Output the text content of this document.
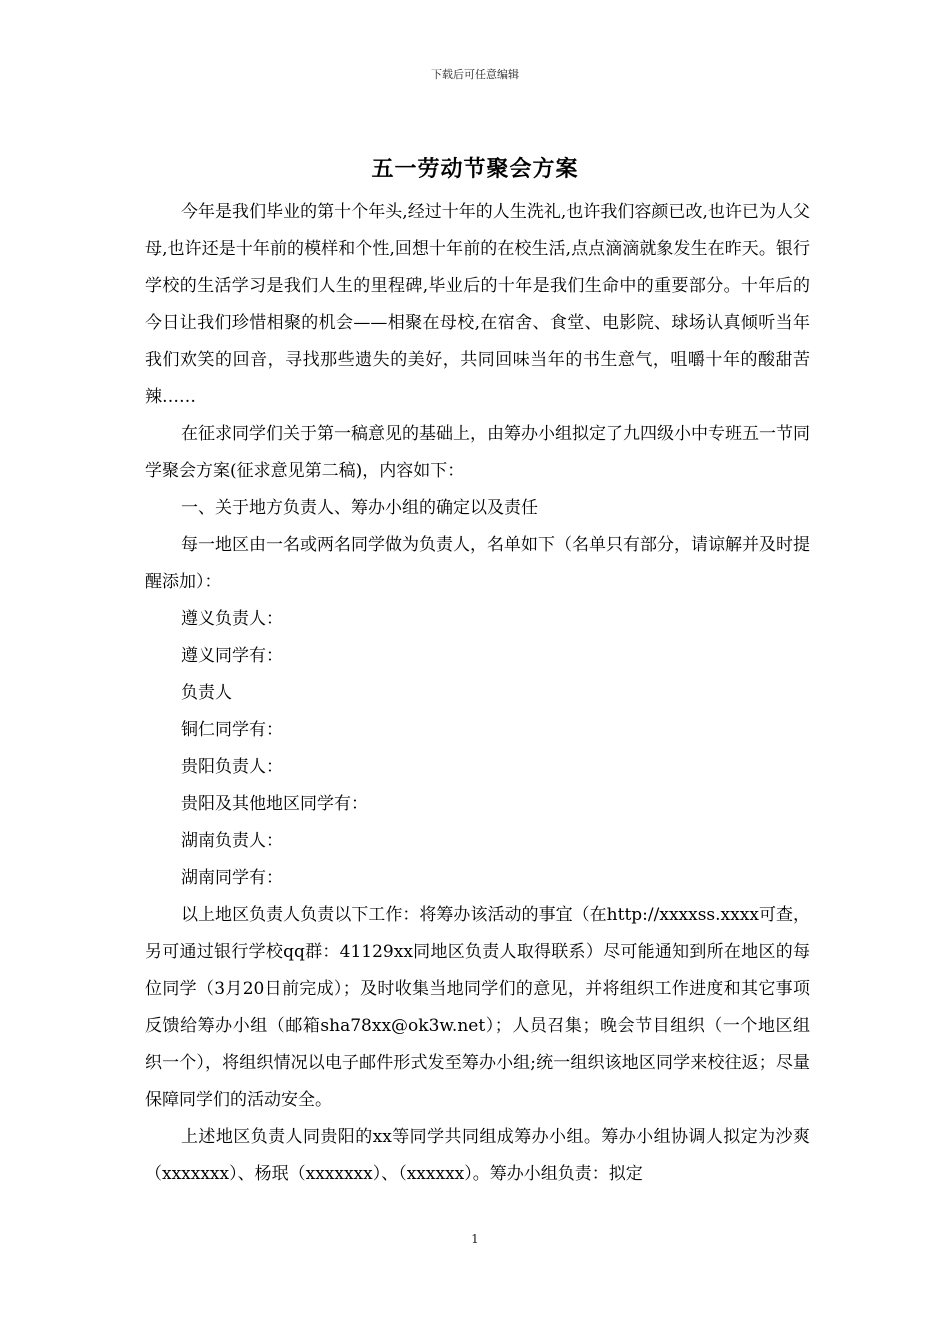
下载后可任意编辑
五一劳动节聚会方案

今年是我们毕业的第十个年头,经过十年的人生洗礼,也许我们容颜已改,也许已为人父母,也许还是十年前的模样和个性,回想十年前的在校生活,点点滴滴就象发生在昨天。银行学校的生活学习是我们人生的里程碑,毕业后的十年是我们生命中的重要部分。十年后的今日让我们珍惜相聚的机会——相聚在母校,在宿舍、食堂、电影院、球场认真倾听当年我们欢笑的回音，寻找那些遗失的美好，共同回味当年的书生意气，咀嚼十年的酸甜苦辣……

在征求同学们关于第一稿意见的基础上，由筹办小组拟定了九四级小中专班五一节同学聚会方案(征求意见第二稿)，内容如下：

一、关于地方负责人、筹办小组的确定以及责任

每一地区由一名或两名同学做为负责人，名单如下（名单只有部分，请谅解并及时提醒添加）：

遵义负责人：

遵义同学有：

负责人

铜仁同学有：

贵阳负责人：

贵阳及其他地区同学有：

湖南负责人：

湖南同学有：

以上地区负责人负责以下工作：将筹办该活动的事宜（在http://xxxxss.xxxx可查，另可通过银行学校qq群：41129xx同地区负责人取得联系）尽可能通知到所在地区的每位同学（3月20日前完成）；及时收集当地同学们的意见，并将组织工作进度和其它事项反馈给筹办小组（邮箱sha78xx@ok3w.net）；人员召集；晚会节目组织（一个地区组织一个），将组织情况以电子邮件形式发至筹办小组;统一组织该地区同学来校往返；尽量保障同学们的活动安全。

上述地区负责人同贵阳的xx等同学共同组成筹办小组。筹办小组协调人拟定为沙爽（xxxxxxx）、杨珉（xxxxxxx）、（xxxxxx）。筹办小组负责：拟定

1
